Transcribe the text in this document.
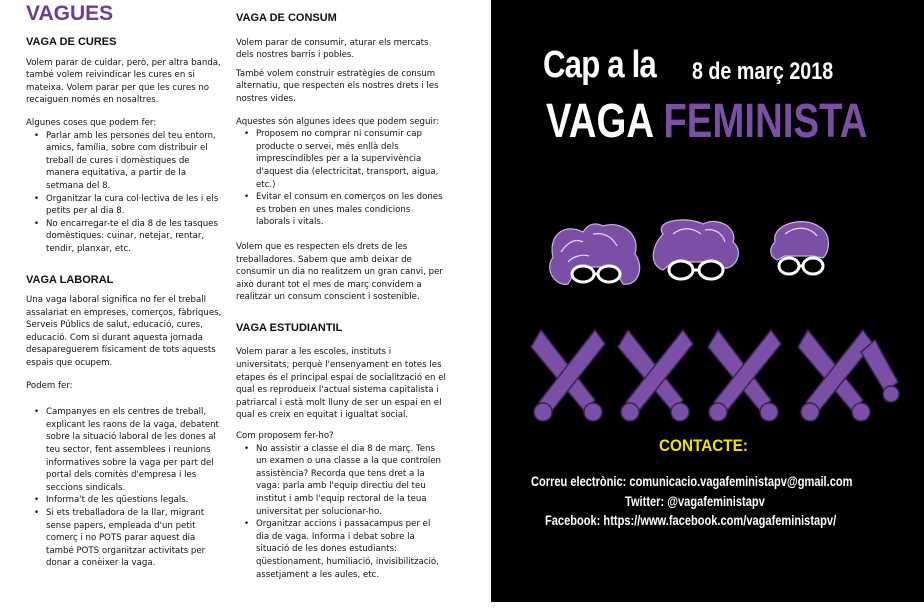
VAGUES
VAGA DE CURES

Volem parar de cuidar, però, per altra banda, també volem reivindicar les cures en si mateixa. Volem parar per que les cures no recaiguen només en nosaltres.

Algunes coses que podem fer:

• Parlar amb les persones del teu entorn, amics, família, sobre com distribuir el treball de cures i domèstiques de manera equitativa, a partir de la setmana del 8.
• Organitzar la cura col·lectiva de les i els petits per al dia 8.
• No encarregar-te el dia 8 de les tasques domèstiques: cuinar, netejar, rentar, tendir, planxar, etc.
VAGA LABORAL

Una vaga laboral significa no fer el treball assalariat en empreses, comerços, fàbriques, Serveis Públics de salut, educació, cures, educació. Com si durant aquesta jornada desapareguerem físicament de tots aquests espais que ocupem.

Podem fer:

• Campanyes en els centres de treball, explicant les raons de la vaga, debatent sobre la situació laboral de les dones al teu sector, fent assemblees i reunions informatives sobre la vaga per part del portal dels comitès d'empresa i les seccions sindicals.
• Informa't de les qüestions legals.
• Si ets treballadora de la llar, migrant sense papers, empleada d'un petit comerç i no POTS parar aquest dia també POTS organitzar activitats per donar a conèixer la vaga.
VAGA DE CONSUM

Volem parar de consumir, aturar els mercats dels nostres barris i pobles.

També volem construir estratègies de consum alternatiu, que respecten els nostres drets i les nostres vides.

Aquestes són algunes idees que podem seguir:

• Proposem no comprar ni consumir cap producte o servei, més enllà dels imprescindibles per a la supervivència d'aquest dia (electricitat, transport, aigua, etc.)
• Evitar el consum en comerços on les dones es troben en unes males condicions laborals i vitals.

Volem que es respecten els drets de les treballadores. Sabem que amb deixar de consumir un dia no realitzem un gran canvi, per això durant tot el mes de març convidem a realitzar un consum conscient i sostenible.

VAGA ESTUDIANTIL

Volem parar a les escoles, instituts i universitats; perquè l'ensenyament en totes les etapes és el principal espai de socialització en el qual es reprodueix l'actual sistema capitalista i patriarcal i està molt lluny de ser un espai en el qual es creix en equitat i igualtat social.

Com proposem fer-ho?

• No assistir a classe el dia 8 de març. Tens un examen o una classe a la que controlen assistència? Recorda que tens dret a la vaga: parla amb l'equip directiu del teu institut i amb l'equip rectoral de la teua universitat per solucionar-ho.
• Organitzar accions i passacampus per el dia de vaga. Informa i debat sobre la situació de les dones estudiants: qüestionament, humiliació, invisibilització, assetjament a les aules, etc.
Cap a la 8 de març 2018
VAGA FEMINISTA
CONTACTE:
Correu electrònic: comunicacio.vagafeministapv@gmail.com
Twitter: @vagafeministapv
Facebook: https://www.facebook.com/vagafeministapv/
